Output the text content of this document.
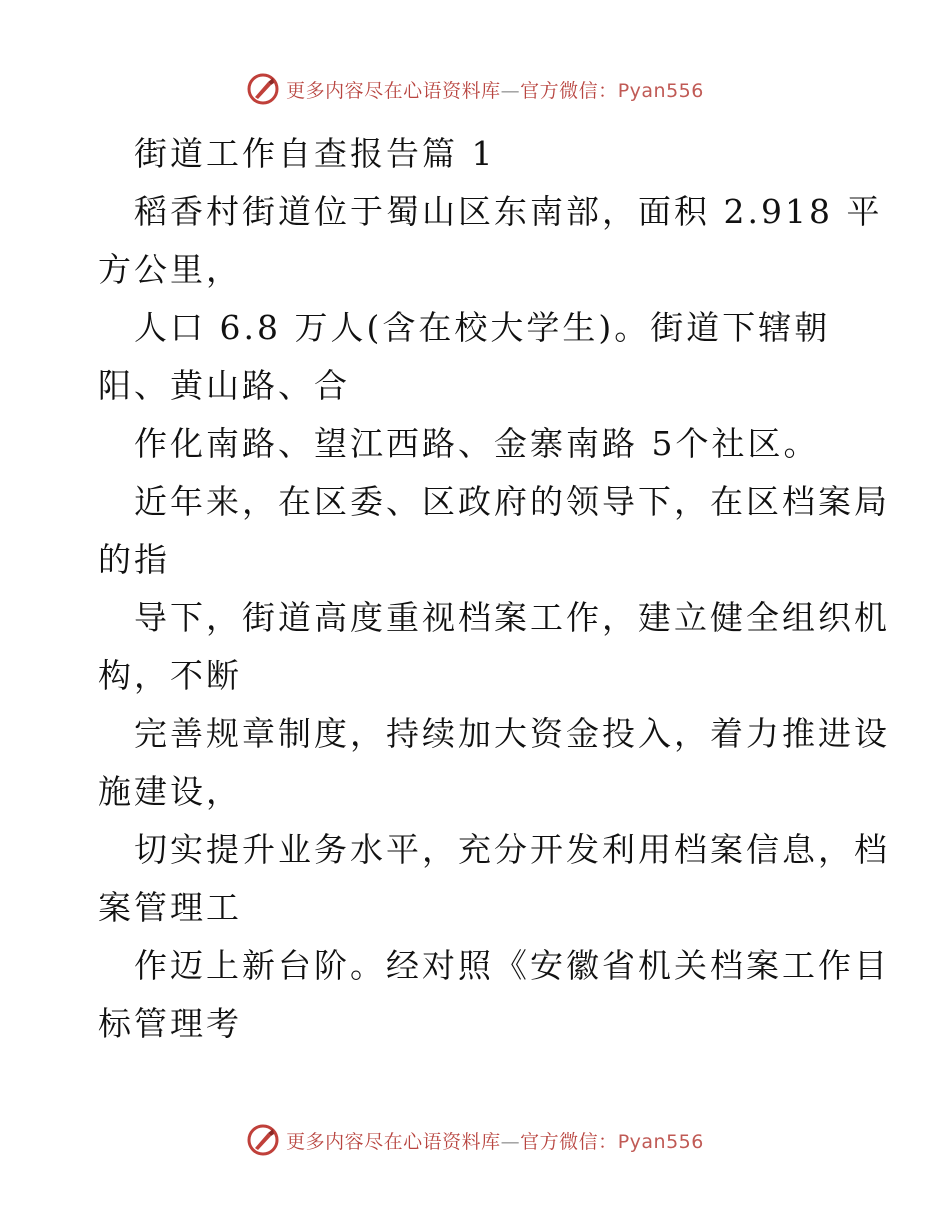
更多内容尽在心语资料库—官方微信：Pyan556
街道工作自查报告篇 1
稻香村街道位于蜀山区东南部，面积 2.918 平
方公里，
人口 6.8 万人(含在校大学生)。街道下辖朝
阳、黄山路、合
作化南路、望江西路、金寨南路 5个社区。
近年来，在区委、区政府的领导下，在区档案局
的指
导下，街道高度重视档案工作，建立健全组织机
构，不断
完善规章制度，持续加大资金投入，着力推进设
施建设，
切实提升业务水平，充分开发利用档案信息，档
案管理工
作迈上新台阶。经对照《安徽省机关档案工作目
标管理考
更多内容尽在心语资料库—官方微信：Pyan556
